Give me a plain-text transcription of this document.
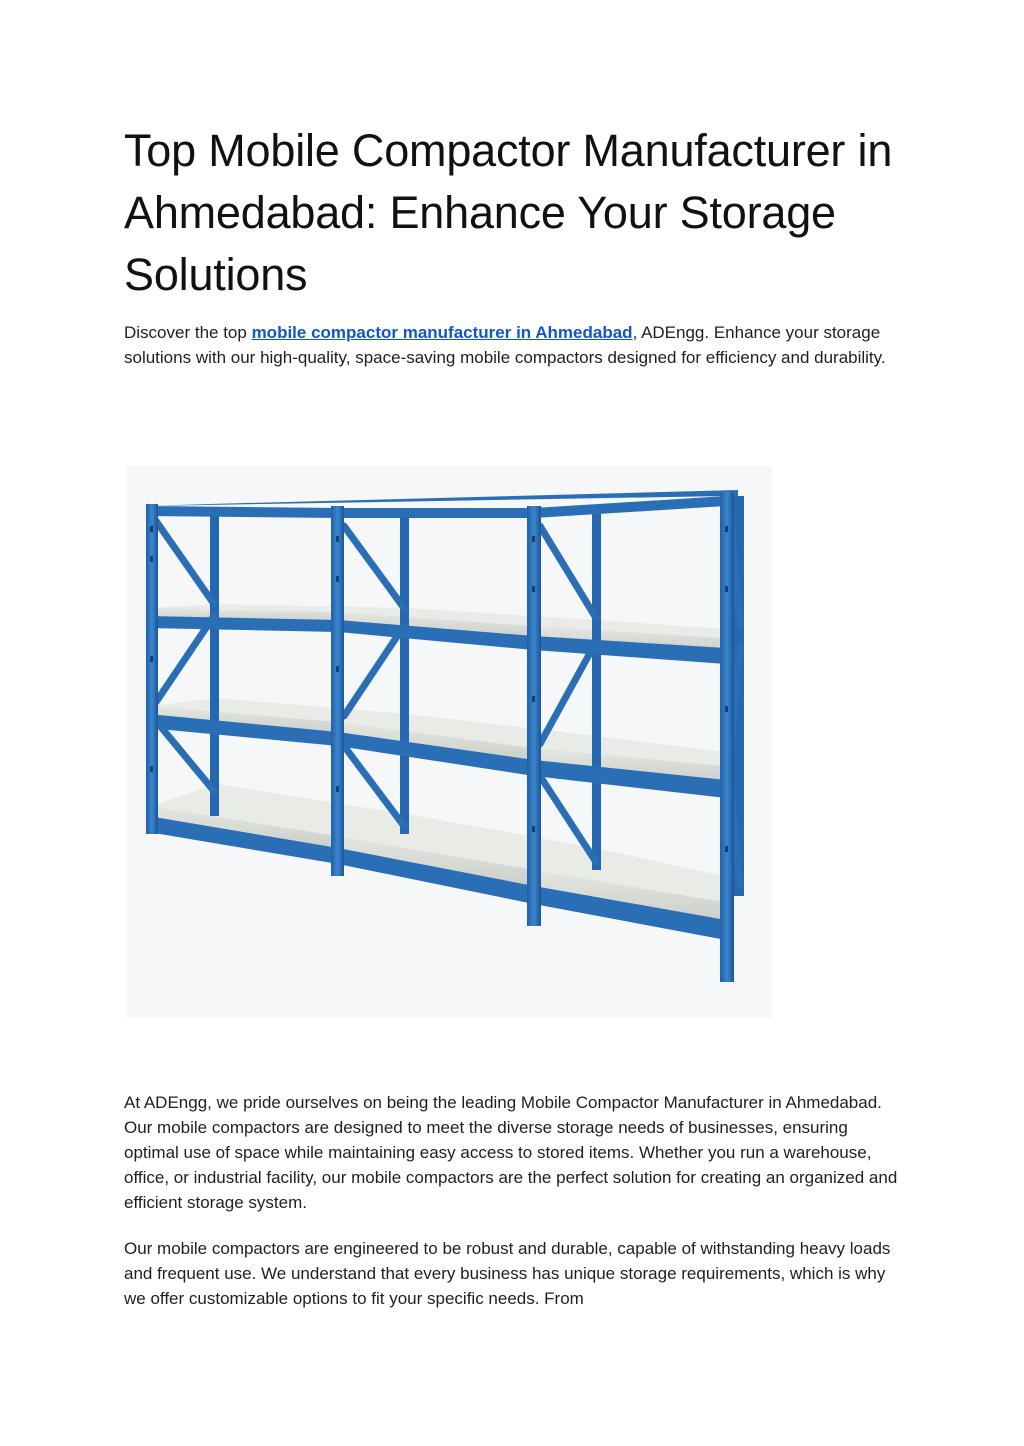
Top Mobile Compactor Manufacturer in Ahmedabad: Enhance Your Storage Solutions

Discover the top mobile compactor manufacturer in Ahmedabad, ADEngg. Enhance your storage solutions with our high-quality, space-saving mobile compactors designed for efficiency and durability.

At ADEngg, we pride ourselves on being the leading Mobile Compactor Manufacturer in Ahmedabad. Our mobile compactors are designed to meet the diverse storage needs of businesses, ensuring optimal use of space while maintaining easy access to stored items. Whether you run a warehouse, office, or industrial facility, our mobile compactors are the perfect solution for creating an organized and efficient storage system.

Our mobile compactors are engineered to be robust and durable, capable of withstanding heavy loads and frequent use. We understand that every business has unique storage requirements, which is why we offer customizable options to fit your specific needs. From
